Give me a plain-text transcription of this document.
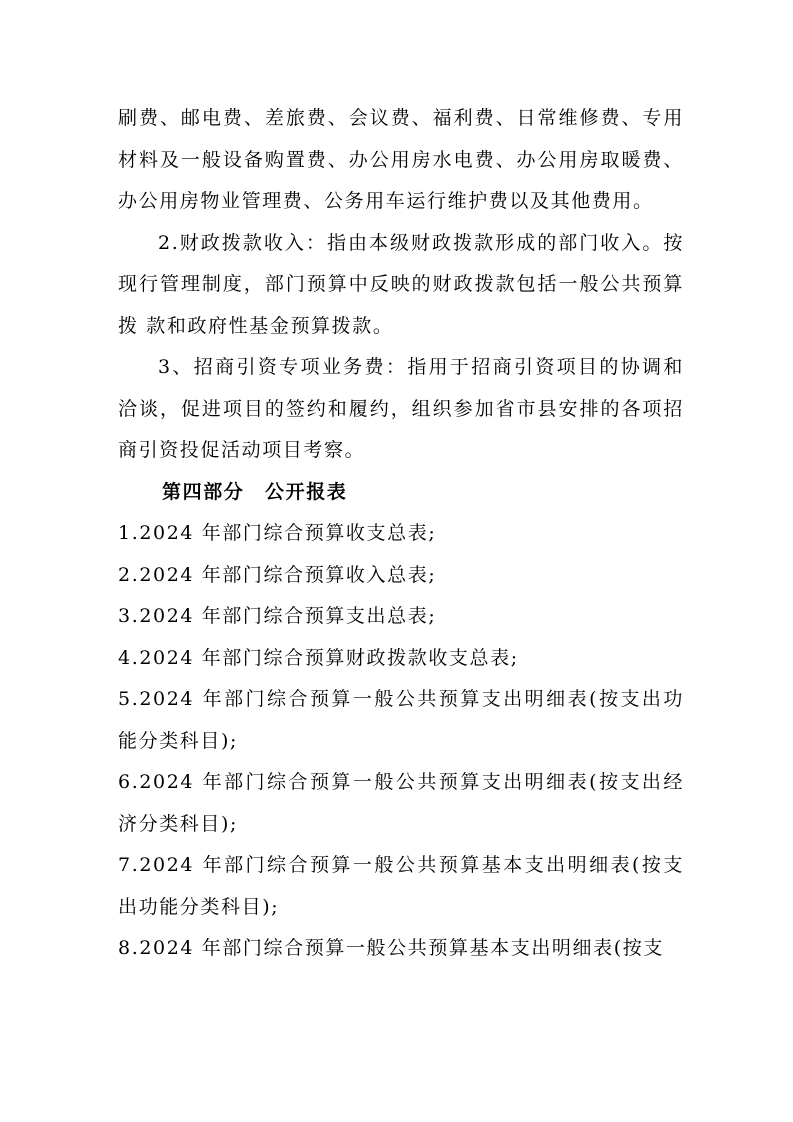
刷费、邮电费、差旅费、会议费、福利费、日常维修费、专用材料及一般设备购置费、办公用房水电费、办公用房取暖费、办公用房物业管理费、公务用车运行维护费以及其他费用。

2.财政拨款收入：指由本级财政拨款形成的部门收入。按现行管理制度，部门预算中反映的财政拨款包括一般公共预算拨 款和政府性基金预算拨款。

3、招商引资专项业务费：指用于招商引资项目的协调和洽谈，促进项目的签约和履约，组织参加省市县安排的各项招商引资投促活动项目考察。

第四部分　公开报表

1.2024 年部门综合预算收支总表;

2.2024 年部门综合预算收入总表;

3.2024 年部门综合预算支出总表;

4.2024 年部门综合预算财政拨款收支总表;

5.2024 年部门综合预算一般公共预算支出明细表(按支出功能分类科目);

6.2024 年部门综合预算一般公共预算支出明细表(按支出经济分类科目);

7.2024 年部门综合预算一般公共预算基本支出明细表(按支出功能分类科目);

8.2024 年部门综合预算一般公共预算基本支出明细表(按支
